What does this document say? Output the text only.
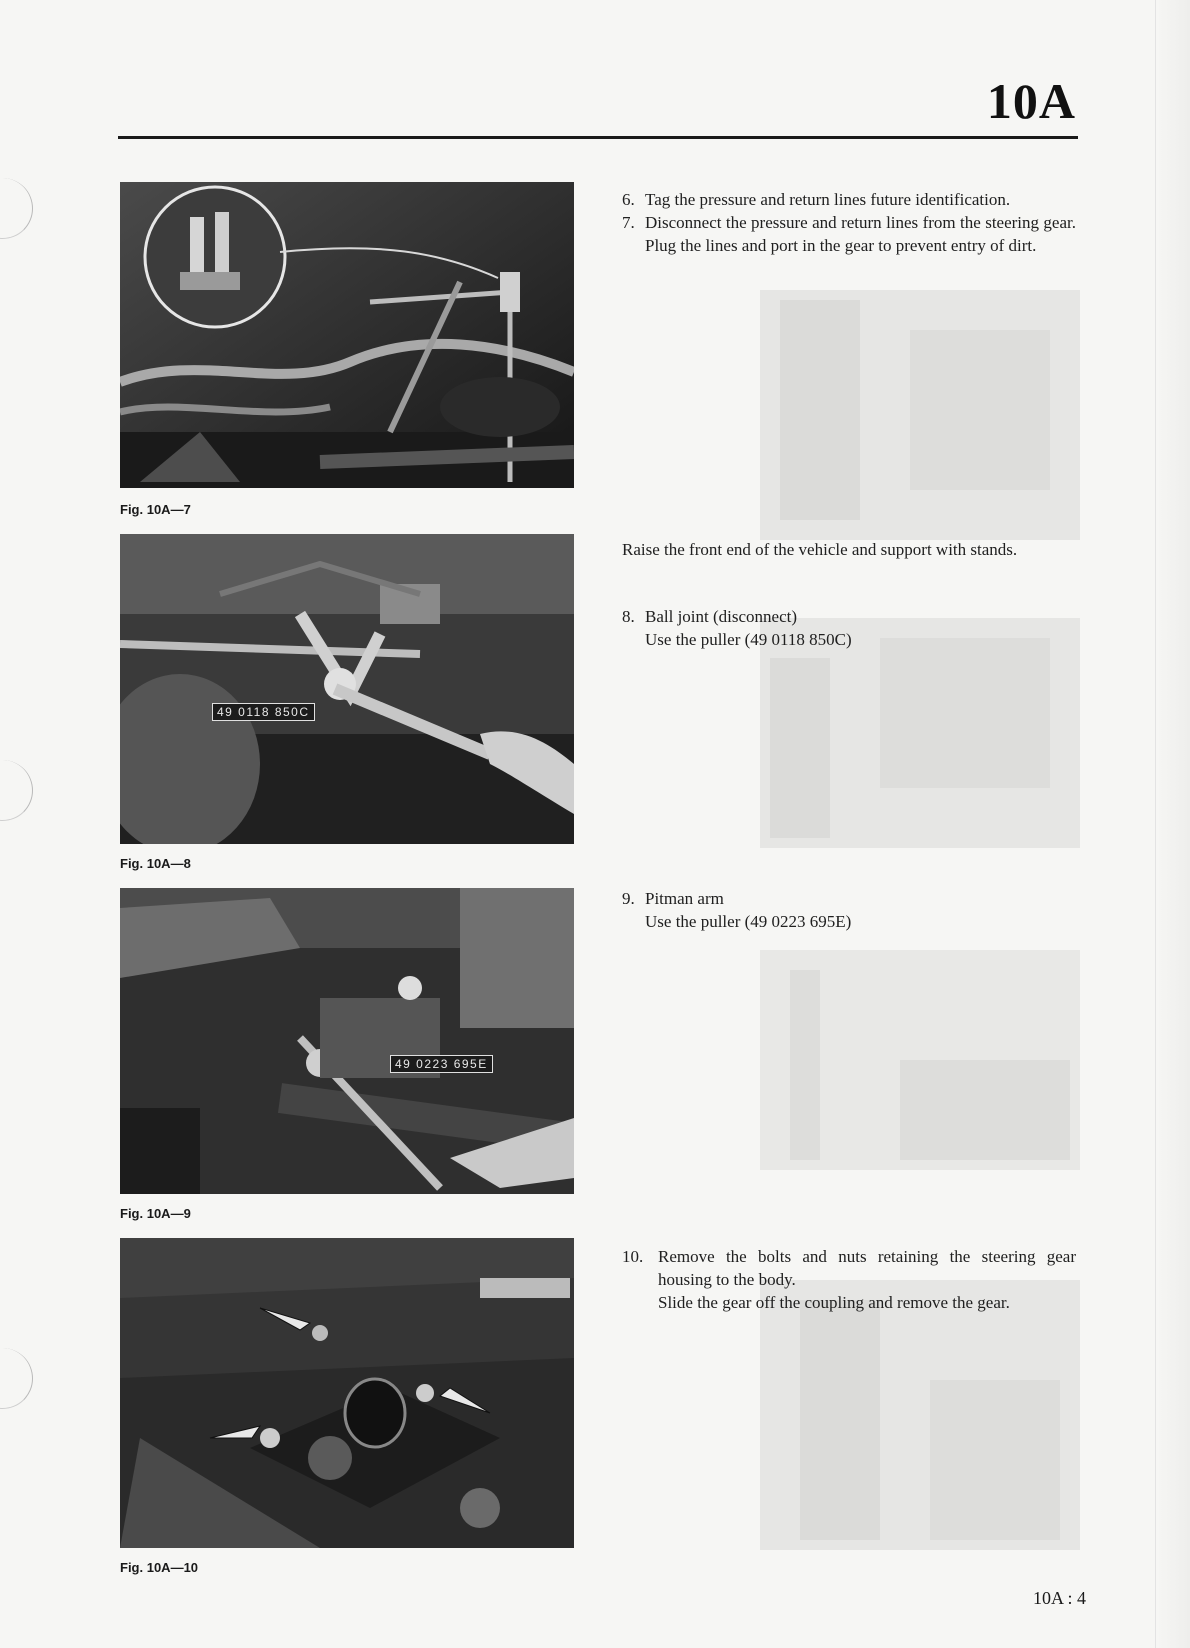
10A
Fig. 10A—7
49 0118 850C
Fig. 10A—8
49 0223 695E
Fig. 10A—9
Fig. 10A—10
6. Tag the pressure and return lines future identification.
7. Disconnect the pressure and return lines from the steering gear. Plug the lines and port in the gear to prevent entry of dirt.
Raise the front end of the vehicle and support with stands.
8. Ball joint (disconnect)
Use the puller (49 0118 850C)
9. Pitman arm
Use the puller (49 0223 695E)
10. Remove the bolts and nuts retaining the steering gear housing to the body.
Slide the gear off the coupling and remove the gear.
10A : 4
